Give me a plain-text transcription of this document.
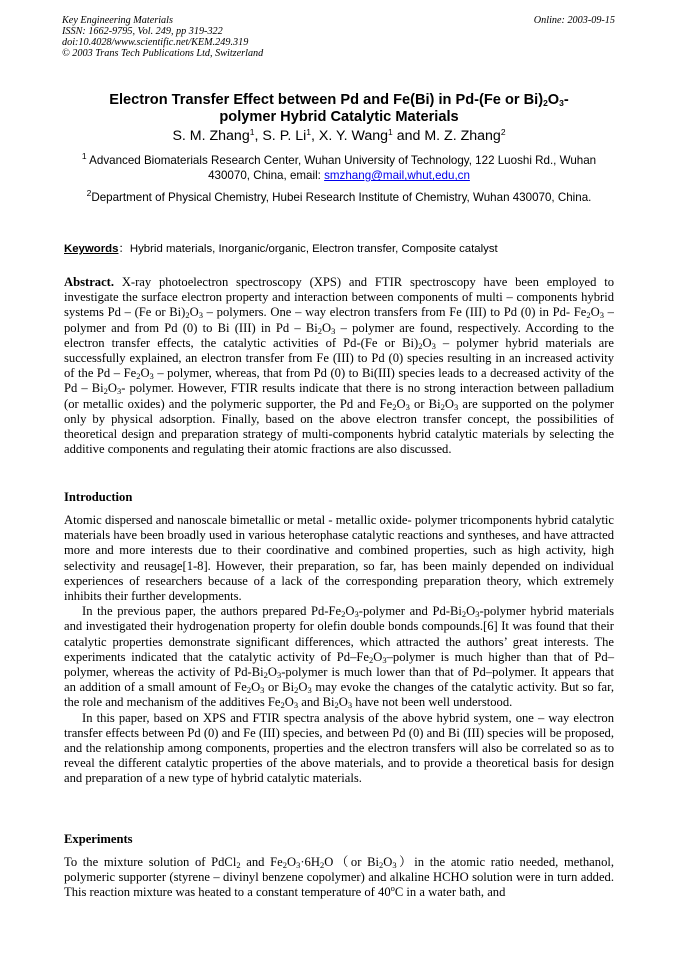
Key Engineering Materials
ISSN: 1662-9795, Vol. 249, pp 319-322
doi:10.4028/www.scientific.net/KEM.249.319
© 2003 Trans Tech Publications Ltd, Switzerland
Online: 2003-09-15
Electron Transfer Effect between Pd and Fe(Bi) in Pd-(Fe or $Bi)_2O_3-$
polymer Hybrid Catalytic Materials
S. M. Zhang$^1$, S. P. Li$^1$, X. Y. Wang$^1$ and M. Z. Zhang$^2$
$^1$ Advanced Biomaterials Research Center, Wuhan University of Technology, 122 Luoshi Rd., Wuhan 430070, China, email: smzhang@mail,whut,edu,cn
$^2$Department of Physical Chemistry, Hubei Research Institute of Chemistry, Wuhan 430070, China.
Keywords：Hybrid materials, Inorganic/organic, Electron transfer, Composite catalyst

Abstract. X-ray photoelectron spectroscopy (XPS) and FTIR spectroscopy have been employed to investigate the surface electron property and interaction between components of multi – components hybrid systems Pd – (Fe or $Bi)_2O_3$ – polymers. One – way electron transfers from Fe (III) to Pd (0) in Pd- $Fe_2O_3$ – polymer and from Pd (0) to Bi (III) in Pd – $Bi_2O_3$ – polymer are found, respectively. According to the electron transfer effects, the catalytic activities of Pd-(Fe or $Bi)_2O_3$ – polymer hybrid materials are successfully explained, an electron transfer from Fe (III) to Pd (0) species resulting in an increased activity of the Pd – $Fe_2O_3$ – polymer, whereas, that from Pd (0) to Bi(III) species leads to a decreased activity of the Pd – $Bi_2O_3-$ polymer. However, FTIR results indicate that there is no strong interaction between palladium (or metallic oxides) and the polymeric supporter, the Pd and $Fe_2O_3$ or $Bi_2O_3$ are supported on the polymer only by physical adsorption. Finally, based on the above electron transfer concept, the possibilities of theoretical design and preparation strategy of multi-components hybrid catalytic materials by selecting the additive components and regulating their atomic fractions are also discussed.

Introduction

Atomic dispersed and nanoscale bimetallic or metal - metallic oxide- polymer tricomponents hybrid catalytic materials have been broadly used in various heterophase catalytic reactions and syntheses, and have attracted more and more interests due to their coordinative and combined properties, such as high activity, high selectivity and reusage[1-8]. However, their preparation, so far, has been mainly depended on individual experiences of researchers because of a lack of the corresponding preparation theory, which extremely inhibits their further developments.

In the previous paper, the authors prepared $Pd-Fe_2O_3$-polymer and $Pd-Bi_2O_3$-polymer hybrid materials and investigated their hydrogenation property for olefin double bonds compounds.[6] It was found that their catalytic properties demonstrate significant differences, which attracted the authors’ great interests. The experiments indicated that the catalytic activity of $Pd-Fe_2O_3$–polymer is much higher than that of Pd–polymer, whereas the activity of $Pd-Bi_2O_3$-polymer is much lower than that of Pd–polymer. It appears that an addition of a small amount of $Fe_2O_3$ or $Bi_2O_3$ may evoke the changes of the catalytic activity. But so far, the role and mechanism of the additives $Fe_2O_3$ and $Bi_2O_3$ have not been well understood.

In this paper, based on XPS and FTIR spectra analysis of the above hybrid system, one – way electron transfer effects between Pd (0) and Fe (III) species, and between Pd (0) and Bi (III) species will be proposed, and the relationship among components, properties and the electron transfers will also be correlated so as to reveal the different catalytic properties of the above materials, and to provide a theoretical basis for design and preparation of a new type of hybrid catalytic materials.

Experiments

To the mixture solution of PdCl$_2$ and $Fe_2O_3\cdot 6H_2O(or$ $Bi_2O_3)in$ the atomic ratio needed, methanol, polymeric supporter (styrene – divinyl benzene copolymer) and alkaline HCHO solution were in turn added. This reaction mixture was heated to a constant temperature of 40$^o$C in a water bath, and
